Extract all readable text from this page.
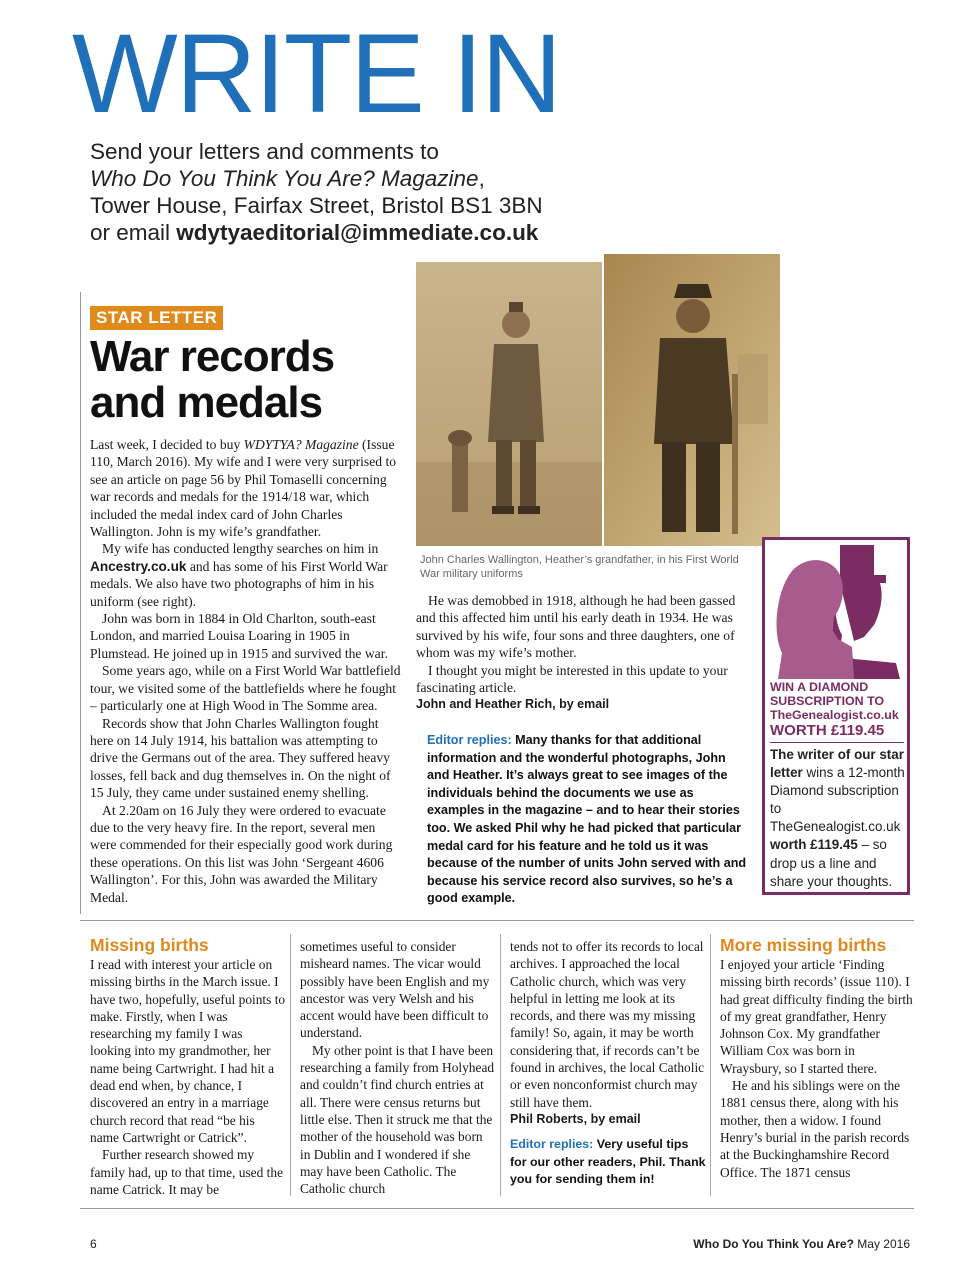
WRITE IN
Send your letters and comments to
Who Do You Think You Are? Magazine,
Tower House, Fairfax Street, Bristol BS1 3BN
or email wdytyaeditorial@immediate.co.uk
STAR LETTER
War records
and medals

Last week, I decided to buy WDYTYA? Magazine (Issue 110, March 2016). My wife and I were very surprised to see an article on page 56 by Phil Tomaselli concerning war records and medals for the 1914/18 war, which included the medal index card of John Charles Wallington. John is my wife’s grandfather.

My wife has conducted lengthy searches on him in Ancestry.co.uk and has some of his First World War medals. We also have two photographs of him in his uniform (see right).

John was born in 1884 in Old Charlton, south-east London, and married Louisa Loaring in 1905 in Plumstead. He joined up in 1915 and survived the war.

Some years ago, while on a First World War battlefield tour, we visited some of the battlefields where he fought – particularly one at High Wood in The Somme area.

Records show that John Charles Wallington fought here on 14 July 1914, his battalion was attempting to drive the Germans out of the area. They suffered heavy losses, fell back and dug themselves in. On the night of 15 July, they came under sustained enemy shelling.

At 2.20am on 16 July they were ordered to evacuate due to the very heavy fire. In the report, several men were commended for their especially good work during these operations. On this list was John ‘Sergeant 4606 Wallington’. For this, John was awarded the Military Medal.

John Charles Wallington, Heather’s grandfather, in his First World War military uniforms

He was demobbed in 1918, although he had been gassed and this affected him until his early death in 1934. He was survived by his wife, four sons and three daughters, one of whom was my wife’s mother.

I thought you might be interested in this update to your fascinating article.

John and Heather Rich, by email
Editor replies: Many thanks for that additional information and the wonderful photographs, John and Heather. It’s always great to see images of the individuals behind the documents we use as examples in the magazine – and to hear their stories too. We asked Phil why he had picked that particular medal card for his feature and he told us it was because of the number of units John served with and because his service record also survives, so he’s a good example.
WIN A DIAMOND SUBSCRIPTION TO
TheGenealogist.co.uk
WORTH £119.45
The writer of our star letter wins a 12-month Diamond subscription to TheGenealogist.co.uk worth £119.45 – so drop us a line and share your thoughts.
Missing births

I read with interest your article on missing births in the March issue. I have two, hopefully, useful points to make. Firstly, when I was researching my family I was looking into my grandmother, her name being Cartwright. I had hit a dead end when, by chance, I discovered an entry in a marriage church record that read “be his name Cartwright or Catrick”.

Further research showed my family had, up to that time, used the name Catrick. It may be

sometimes useful to consider misheard names. The vicar would possibly have been English and my ancestor was very Welsh and his accent would have been difficult to understand.

My other point is that I have been researching a family from Holyhead and couldn’t find church entries at all. There were census returns but little else. Then it struck me that the mother of the household was born in Dublin and I wondered if she may have been Catholic. The Catholic church

tends not to offer its records to local archives. I approached the local Catholic church, which was very helpful in letting me look at its records, and there was my missing family! So, again, it may be worth considering that, if records can’t be found in archives, the local Catholic or even nonconformist church may still have them.

Phil Roberts, by email
Editor replies: Very useful tips for our other readers, Phil. Thank you for sending them in!
More missing births

I enjoyed your article ‘Finding missing birth records’ (issue 110). I had great difficulty finding the birth of my great grandfather, Henry Johnson Cox. My grandfather William Cox was born in Wraysbury, so I started there.

He and his siblings were on the 1881 census there, along with his mother, then a widow. I found Henry’s burial in the parish records at the Buckinghamshire Record Office. The 1871 census

6	Who Do You Think You Are? May 2016
